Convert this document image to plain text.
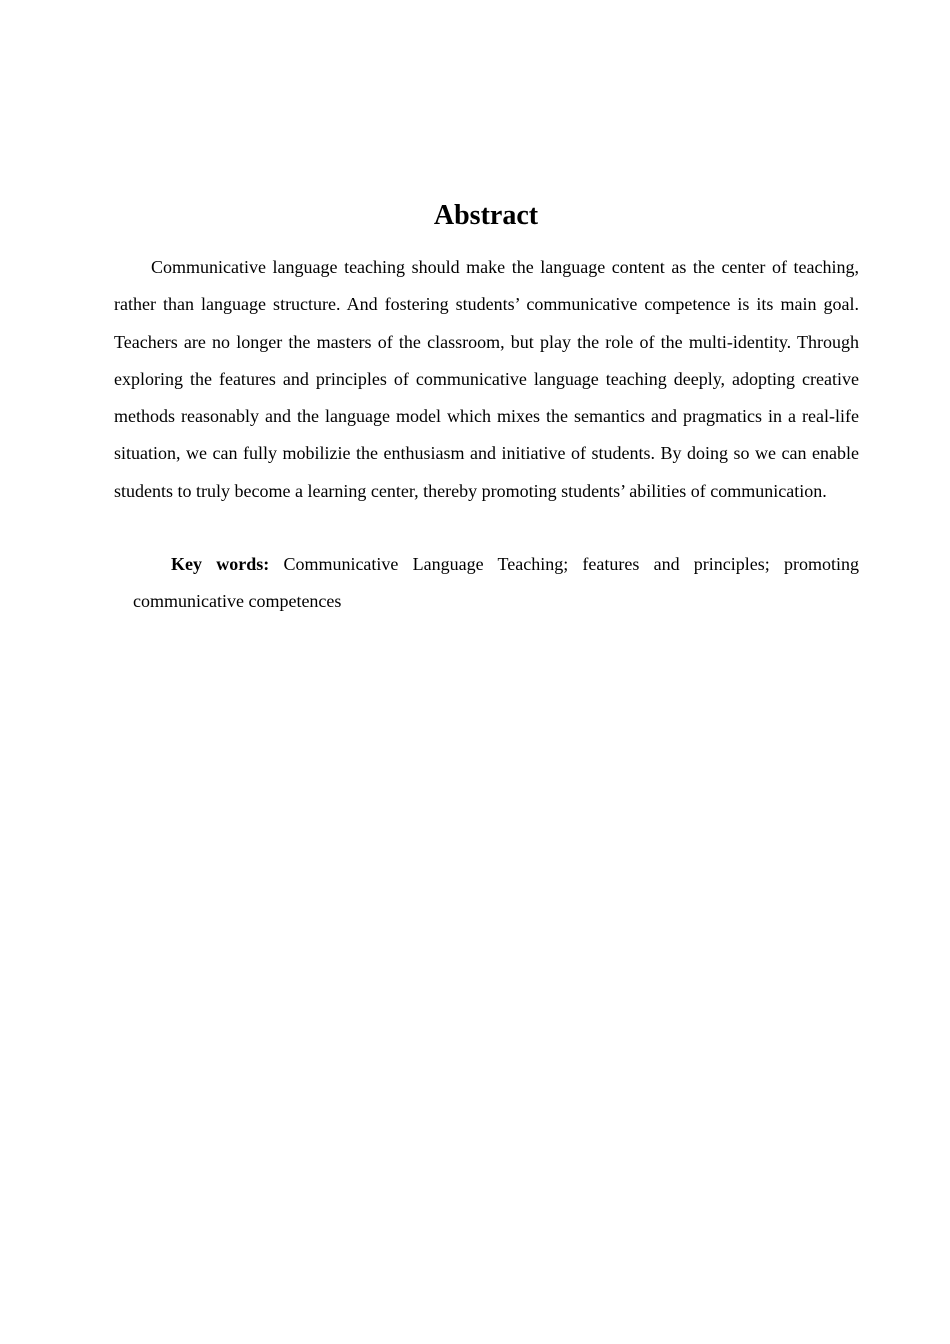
Abstract

Communicative language teaching should make the language content as the center of teaching, rather than language structure. And fostering students’ communicative competence is its main goal. Teachers are no longer the masters of the classroom, but play the role of the multi-identity. Through exploring the features and principles of communicative language teaching deeply, adopting creative methods reasonably and the language model which mixes the semantics and pragmatics in a real-life situation, we can fully mobilizie the enthusiasm and initiative of students. By doing so we can enable students to truly become a learning center, thereby promoting students’ abilities of communication.

Key words: Communicative Language Teaching; features and principles; promoting communicative competences
